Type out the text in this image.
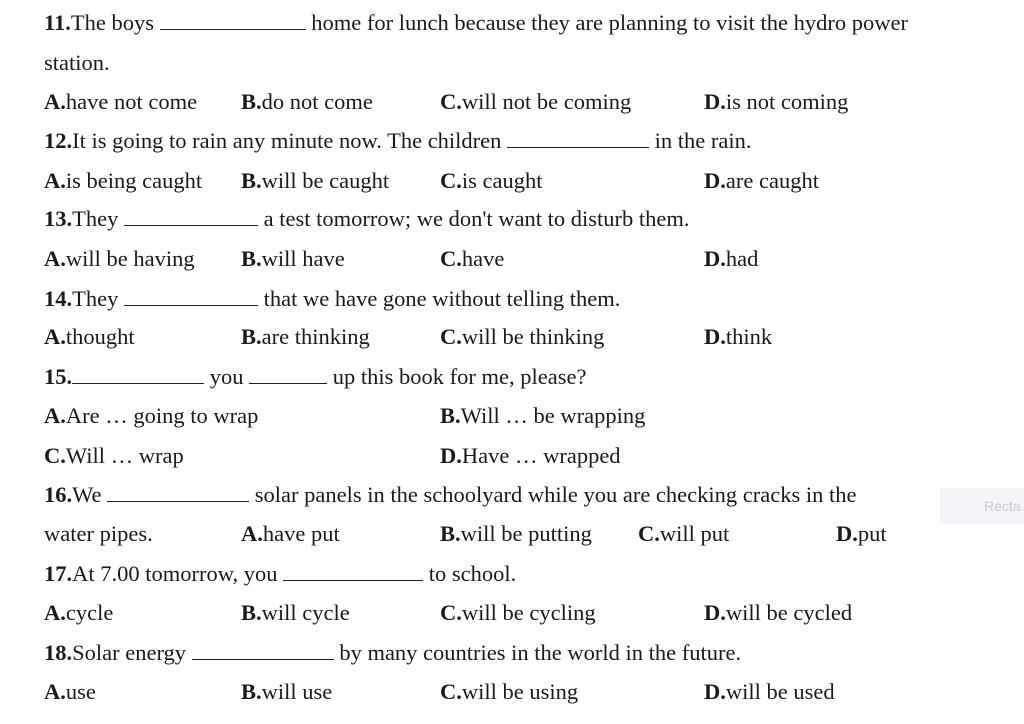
11.The boys	home for lunch because they are planning to visit the hydro power
station.
A.have not come B.do not come	C.will not be coming	D.is not coming
12.It is going to rain any minute now. The children	in the rain.
A.is being caught B.will be caught C.is caught	D.are caught
13.They	a test tomorrow; we don't want to disturb them.
A.will be having B.will have	C.have	D.had
14.They	that we have gone without telling them.
A.thought	B.are thinking	C.will be thinking	D.think
15.	you	up this book for me, please?
A.Are … going to wrap	B.Will … be wrapping
C.Will … wrap	D.Have … wrapped
16.We	solar panels in the schoolyard while you are checking cracks in the
water pipes.	A.have put	B.will be putting C.will put	D.put
17.At 7.00 tomorrow, you	to school.
A.cycle	B.will cycle	C.will be cycling	D.will be cycled
18.Solar energy	by many countries in the world in the future.
A.use	B.will use	C.will be using	D.will be used
Recta
